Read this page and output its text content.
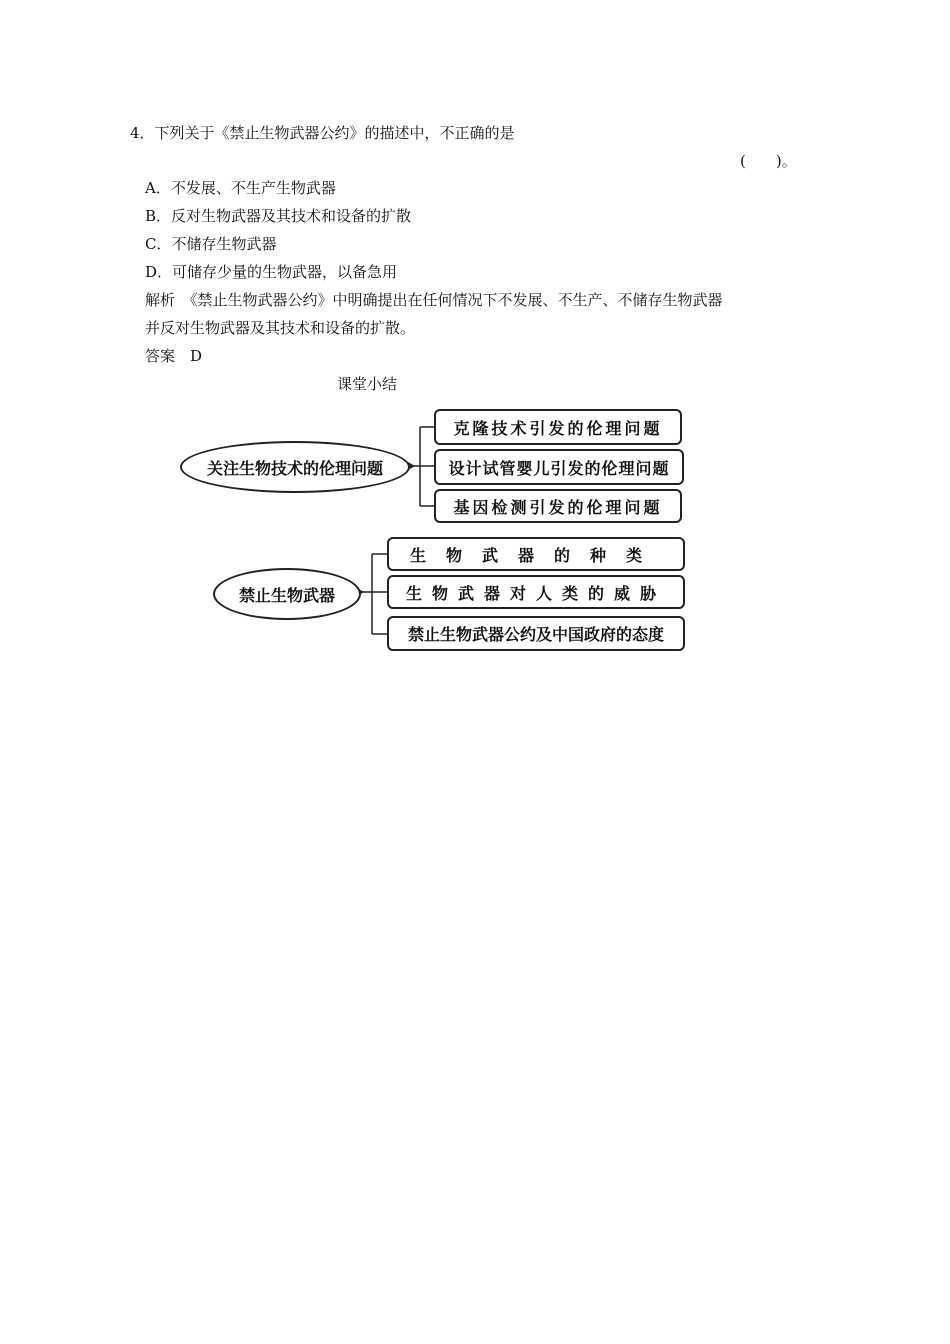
4．下列关于《禁止生物武器公约》的描述中，不正确的是
(　　)。
A．不发展、不生产生物武器
B．反对生物武器及其技术和设备的扩散
C．不储存生物武器
D．可储存少量的生物武器，以备急用
解析　《禁止生物武器公约》中明确提出在任何情况下不发展、不生产、不储存生物武器
并反对生物武器及其技术和设备的扩散。
答案　D
课堂小结
关注生物技术的伦理问题
克隆技术引发的伦理问题
设计试管婴儿引发的伦理问题
基因检测引发的伦理问题
禁止生物武器
生物武器的种类
生物武器对人类的威胁
禁止生物武器公约及中国政府的态度
